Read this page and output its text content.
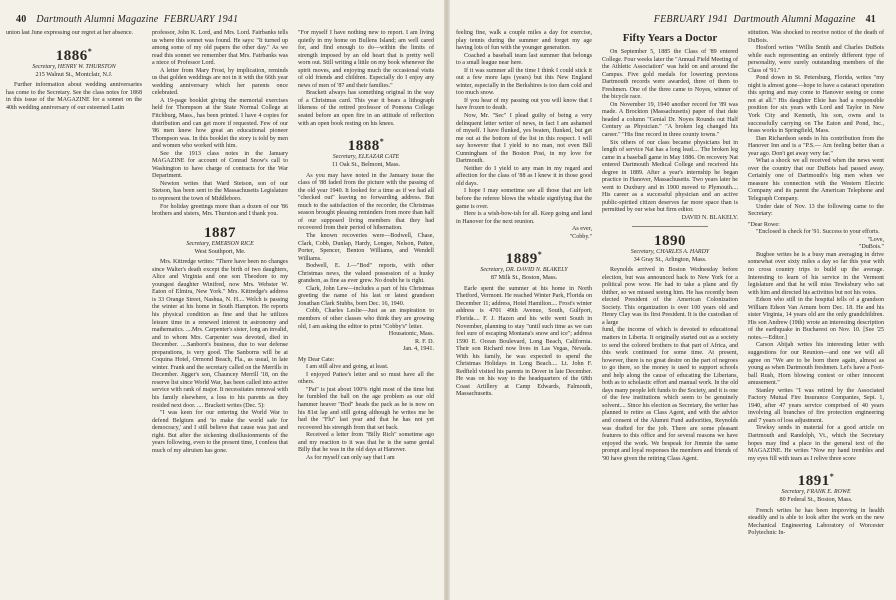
40 Dartmouth Alumni Magazine FEBRUARY 1941

union last June expressing our regret at her absence.

1886*
Secretary, HENRY W. THURSTON
215 Walnut St., Montclair, N.J.

Further information about wedding anniversaries has come to the Secretary. See the class notes for 1868 in this issue of the MAGAZINE for a sonnet on the 40th wedding anniversary of our esteemed Latin

professor, John K. Lord, and Mrs. Lord. Fairbanks tells us where this sonnet was found. He says: "It turned up among some of my old papers the other day." As we read this sonnet we remember that Mrs. Fairbanks was a niece of Professor Lord.

A letter from Mary Frost, by implication, reminds us that golden weddings are not in it with the 66th year wedding anniversary which her parents once celebrated.

A 19-page booklet giving the memorial exercises held for Thompson at the State Normal College at Fitchburg, Mass., has been printed. I have 4 copies for distribution and can get more if requested. Few of our '86 men knew how great an educational pioneer Thompson was. In this booklet the story is told by men and women who worked with him.

See the 1913 class notes in the January MAGAZINE for account of Conrad Snow's call to Washington to have charge of contracts for the War Department.

Newton writes that Ward Stetson, son of our Stetson, has been sent to the Massachusetts Legislature to represent the town of Middleboro.

For holiday greetings more than a dozen of our '86 brothers and sisters, Mrs. Thurston and I thank you.

1887
Secretary, EMERSON RICE
West Southport, Me.

Mrs. Kittredge writes: "There have been no changes since Walter's death except the birth of two daughters, Alice and Virginia and one son Theodore to my youngest daughter Winifred, now Mrs. Webster W. Eaton of Elmira, New York." Mrs. Kittredge's address is 33 Orange Street, Nashua, N. H.... Welch is passing the winter at his home in South Hampton. He reports his physical condition as fine and that he utilizes leisure time in a renewed interest in astronomy and mathematics. ....Mrs. Carpenter's sister, long an invalid, and to whom Mrs. Carpenter was devoted, died in December. ....Sanborn's business, due to war defense preparations, is very good. The Sanborns will be at Coquina Hotel, Ormond Beach, Fla., as usual, in late winter. Frank and the secretary called on the Merrills in December. Jigger's son, Chauncey Merrill '18, on the reserve list since World War, has been called into active service with rank of major. It necessitates removal with his family elsewhere, a loss to his parents as they resided next door. .... Brackett writes (Dec. 5):

"I was keen for our entering the World War to defend Belgium and 'to make the world safe for democracy,' and I still believe that cause was just and right. But after the sickening disillusionments of the years following, even to the present time, I confess that much of my altruism has gone.

"For myself I have nothing new to report. I am living quietly in my home on Bullens Island; am well cared for, and find enough to do—within the limits of strength imposed by an old heart that is pretty well worn out. Still writing a little on my book whenever the spirit moves, and enjoying much the occasional visits of old friends and children. Especially do I enjoy any news of men of '87 and their families."

Brackett always has something original in the way of a Christmas card. This year it bears a lithograph likeness of the retired professor of Pomona College seated before an open fire in an attitude of reflection with an open book resting on his knees.

1888*
Secretary, ELEAZAR CATE
11 Oak St., Belmont, Mass.

As you may have noted in the January issue the class of '88 faded from the picture with the passing of the old year 1940. It looked for a time as if we had all "checked out" leaving no forwarding address. But much to the satisfaction of the recorder, the Christmas season brought pleasing reminders from more than half of our supposed living members that they had recovered from their period of hibernation.

The known recoveries were—Bodwell, Chase, Clark, Cobb, Dunlap, Hardy, Longee, Nelson, Pattee, Porter, Spencer, Benton Williams, and Wendell Williams.

Bodwell, E. J.—"Bod" reports, with other Christmas news, the valued possession of a husky grandson, as fine as ever grew. No doubt he is right.

Clark, John Lew—includes a part of his Christmas greeting the name of his last or latest grandson Jonathan Clark Stubbs, born Dec. 16, 1940.

Cobb, Charles Leslie—Just as an inspiration to members of other classes who think they are growing old, I am asking the editor to print "Cobby's" letter.

Housatonic, Mass.

R. F. D.

Jan. 4, 1941.

My Dear Cate:

I am still alive and going, at least.

I enjoyed Pattee's letter and so must have all the others.

"Pat" is just about 100% right most of the time but he fumbled the ball on the age problem as our old hammer heaver "Bod" heads the pack as he is now on his 81st lap and still going although he writes me he had the "Flu" last year and that he has not yet recovered his strength from that set back.

Received a letter from "Billy Rich" sometime ago and my reaction to it was that he is the same genial Billy that he was in the old days at Hanover.

As for myself can only say that I am

FEBRUARY 1941 Dartmouth Alumni Magazine 41

feeling fine, walk a couple miles a day for exercise, play tennis during the summer and forget my age having lots of fun with the younger generation.

Coached a baseball team last summer that belongs to a small league near here.

If it was summer all the time I think I could stick it out a few more laps (years) but this New England winter, especially in the Berkshires is too darn cold and too much snow.

If you hear of my passing out you will know that I have frozen to death.

Now, Mr. "Sec" I plead guilty of being a very delinquent letter writer of news, in fact I am ashamed of myself. I have flunked, yes beaten, flunked, but get me out at the bottom of the list in this respect. I will say however that I yield to no man, not even Bill Cunningham of the Boston Post, in my love for Dartmouth.

Neither do I yield to any man in my regard and affection for the class of '88 as I knew it in those good old days.

I hope I may sometime see all those that are left before the referee blows the whistle signifying that the game is over.

Here is a wish-bow-ish for all. Keep going and land in Hanover for the next reunion.

As ever,

"Cobby."

1889*
Secretary, DR. DAVID N. BLAKELY
87 Milk St., Boston, Mass.

Earle spent the summer at his home in North Thetford, Vermont. He reached Winter Park, Florida on December 11; address, Hotel Hamilton.... Frost's winter address is 4701 49th Avenue, South, Gulfport, Florida.... F. J. Hazen and his wife went South in November, planning to stay "until such time as we can feel sure of escaping Montana's snow and ice"; address 1590 E. Ocean Boulevard, Long Beach, California. Their son Richard now lives in Las Vegas, Nevada. With his family, he was expected to spend the Christmas Holidays in Long Beach.... Lt. John F. Redfield visited his parents in Dover in late December. He was on his way to the headquarters of the 68th Coast Artillery at Camp Edwards, Falmouth, Massachusetts.

Fifty Years a Doctor

On September 5, 1885 the Class of '89 entered College. Four weeks later the "Annual Field Meeting of the Athletic Association" was held on and around the Campus. Five gold medals for lowering previous Dartmouth records were awarded, three of them to Freshmen. One of the three came to Noyes, winner of the bicycle race.

On November 19, 1940 another record for '89 was made. A Brockton (Massachusetts) paper of that date headed a column "Genial Dr. Noyes Rounds out Half Century as Physician." "A broken leg changed his career." "His fine record in three county towns."

Six others of our class became physicians but in length of service Nat has a long lead.... The broken leg came in a baseball game in May 1886. On recovery Nat entered Dartmouth Medical College and received his degree in 1889. After a year's internship he began practice in Hanover, Massachusetts. Two years later he went to Duxbury and in 1900 moved to Plymouth.... His career as a successful physician and an active public-spirited citizen deserves far more space than is permitted by our wise but firm editor.

DAVID N. BLAKELY.

1890
Secretary, CHARLES A. HARDY
34 Gray St., Arlington, Mass.

Reynolds arrived in Boston Wednesday before election, but was announced back to New York for a political pow wow. He had to take a plane and fly thither, so we missed seeing him. He has recently been elected President of the American Colonization Society. This organization is over 100 years old and Henry Clay was its first President. It is the custodian of a large

fund, the income of which is devoted to educational matters in Liberia. It originally started out as a society to send the colored brothers to that part of Africa, and this work continued for some time. At present, however, there is no great desire on the part of negroes to go there, so the money is used to support schools and help along the cause of educating the Liberians, both as to scholastic effort and manual work. In the old days many people left funds to the Society, and it is one of the few institutions which seem to be genuinely solvent.... Since his election as Secretary, the writer has planned to retire as Class Agent, and with the advice and consent of the Alumni Fund authorities, Reynolds was drafted for the job. There are some pleasant features to this office and for several reasons we have enjoyed the work. We bespeak for Jimmie the same prompt and loyal responses the members and friends of '90 have given the retiring Class Agent.

stitution. Was shocked to receive notice of the death of DuBois.

Hosford writes "Willis Smith and Charles DuBois while each representing an entirely different type of personality, were surely outstanding members of the Class of '91."

Pond down in St. Petersburg, Florida, writes "my night is almost gone—hope to have a cataract operation this spring and may come to Hanover seeing or come not at all." His daughter Elsie has had a responsible position for six years with Lord and Taylor in New York City and Kenneth, his son, owns and is successfully carrying on The Eaton and Pond, Inc., brass works in Springfield, Mass.

Dan Richardson sends in his contribution from the Hanover Inn and is a "P.S.— Am feeling better than a year ago. Don't get away very far."

What a shock we all received when the news went over the country that our DuBois had passed away. Certainly one of Dartmouth's big men when we measure his connection with the Western Electric Company and its parent the American Telephone and Telegraph Company.

Under date of Nov. 13 the following came to the Secretary:

"Dear Rowe:

"Enclosed is check for '91. Success to your efforts.

"Love,

"DuBois."

Bugbee writes he is a busy man averaging in drive somewhat over sixty miles a day so far this year with no cross country trips to build up the average. Interesting to learn of his service in the Vermont legislature and that he will miss Tewksbury who sat with him and directed his activities but not his votes.

Edson who still in the hospital tells of a grandson William Edson Van Arnum born Dec. 18. He and his sister Virginia, 14 years old are the only grandchildren. His son Andrew (19th) wrote an interesting description of the earthquake in Bucharest on Nov. 10. [See '25 notes.—Editor.]

Carson Abijah writes his interesting letter with suggestions for our Reunion—and one we will all agree on "We are to be born there again, almost as young as when Dartmouth freshmen. Let's have a Foot-ball Rush, Horn blowing contest or other innocent amusement."

Stanley writes "I was retired by the Associated Factory Mutual Fire Insurance Companies, Sept. 1, 1940, after 47 years service comprised of 40 years involving all branches of fire protection engineering and 7 years of loss adjustment.

Tewksy sends in material for a good article on Dartmouth and Randolph, Vt., which the Secretary hopes may find a place in the general text of the MAGAZINE. He writes "Now my hand trembles and my eyes fill with tears as I relive three score

1891*
Secretary, FRANK E. ROWE
80 Federal St., Boston, Mass.

French writes he has been improving in health steadily and is able to look after the work on the new Mechanical Engineering Laboratory of Worcester Polytechnic In-
